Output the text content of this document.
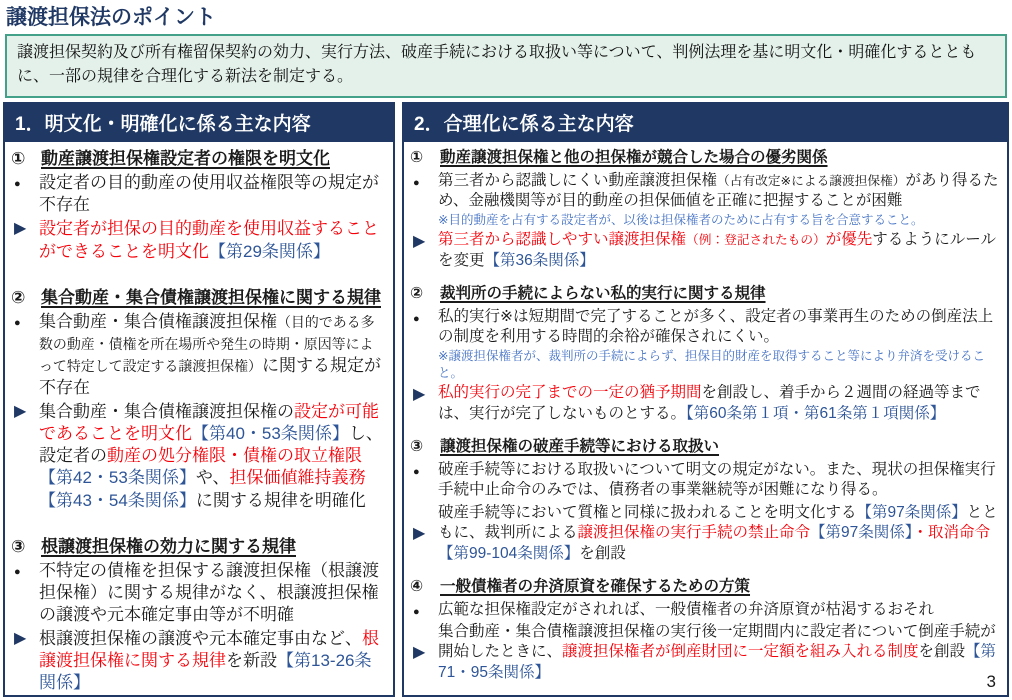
譲渡担保法のポイント
譲渡担保契約及び所有権留保契約の効力、実行方法、破産手続における取扱い等について、判例法理を基に明文化・明確化するとともに、一部の規律を合理化する新法を制定する。
1．明文化・明確化に係る主な内容
① 動産譲渡担保権設定者の権限を明文化
●	設定者の目的動産の使用収益権限等の規定が不存在
▶ 設定者が担保の目的動産を使用収益することができることを明文化【第29条関係】
② 集合動産・集合債権譲渡担保権に関する規律
●	集合動産・集合債権譲渡担保権（目的である多数の動産・債権を所在場所や発生の時期・原因等によって特定して設定する譲渡担保権）に関する規定が不存在
▶ 集合動産・集合債権譲渡担保権の設定が可能であることを明文化【第40・53条関係】し、設定者の動産の処分権限・債権の取立権限【第42・53条関係】や、担保価値維持義務【第43・54条関係】に関する規律を明確化
③ 根譲渡担保権の効力に関する規律
●	不特定の債権を担保する譲渡担保権（根譲渡担保権）に関する規律がなく、根譲渡担保権の譲渡や元本確定事由等が不明確
▶ 根譲渡担保権の譲渡や元本確定事由など、根譲渡担保権に関する規律を新設【第13-26条関係】
2．合理化に係る主な内容
①	動産譲渡担保権と他の担保権が競合した場合の優劣関係
●	第三者から認識しにくい動産譲渡担保権（占有改定※による譲渡担保権）があり得るため、金融機関等が目的動産の担保価値を正確に把握することが困難
※目的動産を占有する設定者が、以後は担保権者のために占有する旨を合意すること。
▶ 第三者から認識しやすい譲渡担保権（例：登記されたもの）が優先するようにルールを変更【第36条関係】
②	裁判所の手続によらない私的実行に関する規律
●	私的実行※は短期間で完了することが多く、設定者の事業再生のための倒産法上の制度を利用する時間的余裕が確保されにくい。
※譲渡担保権者が、裁判所の手続によらず、担保目的財産を取得すること等により弁済を受けること。
▶ 私的実行の完了までの一定の猶予期間を創設し、着手から２週間の経過等までは、実行が完了しないものとする。【第60条第１項・第61条第１項関係】
③	譲渡担保権の破産手続等における取扱い
●	破産手続等における取扱いについて明文の規定がない。また、現状の担保権実行手続中止命令のみでは、債務者の事業継続等が困難になり得る。
▶
破産手続等において質権と同様に扱われることを明文化する【第97条関係】とともに、裁判所による譲渡担保権の実行手続の禁止命令【第97条関係】・取消命令【第99-104条関係】を創設
④	一般債権者の弁済原資を確保するための方策
●	広範な担保権設定がされれば、一般債権者の弁済原資が枯渇するおそれ
▶
集合動産・集合債権譲渡担保権の実行後一定期間内に設定者について倒産手続が開始したときに、譲渡担保権者が倒産財団に一定額を組み入れる制度を創設【第71・95条関係】	3
